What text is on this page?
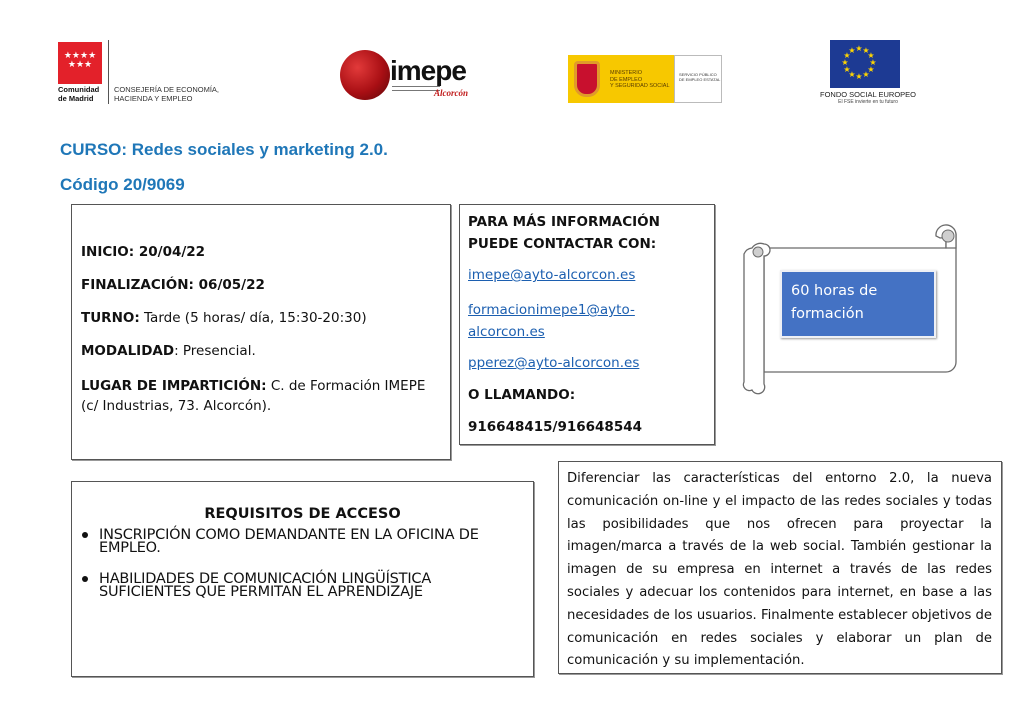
★★★★
★★★
Comunidad
de Madrid
CONSEJERÍA DE ECONOMÍA,
HACIENDA Y EMPLEO
imepe
Alcorcón
MINISTERIO
DE EMPLEO
Y SEGURIDAD SOCIAL
SERVICIO PÚBLICO
DE EMPLEO ESTATAL
★ ★
★
★
★
★
★
★
★
★
★
★
FONDO SOCIAL EUROPEO
El FSE invierte en tu futuro
CURSO: Redes sociales y marketing 2.0.
Código 20/9069
INICIO: 20/04/22
FINALIZACIÓN: 06/05/22
TURNO: Tarde (5 horas/ día, 15:30-20:30)
MODALIDAD: Presencial.
LUGAR DE IMPARTICIÓN: C. de Formación IMEPE (c/ Industrias, 73. Alcorcón).
PARA MÁS INFORMACIÓN PUEDE CONTACTAR CON:
imepe@ayto-alcorcon.es
formacionimepe1@ayto-alcorcon.es
pperez@ayto-alcorcon.es
O LLAMANDO:
916648415/916648544
60 horas de
formación
REQUISITOS DE ACCESO
INSCRIPCIÓN COMO DEMANDANTE EN LA OFICINA DE EMPLEO.
HABILIDADES DE COMUNICACIÓN LINGÜÍSTICA SUFICIENTES QUE PERMITAN EL APRENDIZAJE
Diferenciar las características del entorno 2.0, la nueva comunicación on-line y el impacto de las redes sociales y todas las posibilidades que nos ofrecen para proyectar la imagen/marca a través de la web social. También gestionar la imagen de su empresa en internet a través de las redes sociales y adecuar los contenidos para internet, en base a las necesidades de los usuarios. Finalmente establecer objetivos de comunicación en redes sociales y elaborar un plan de comunicación y su implementación.
